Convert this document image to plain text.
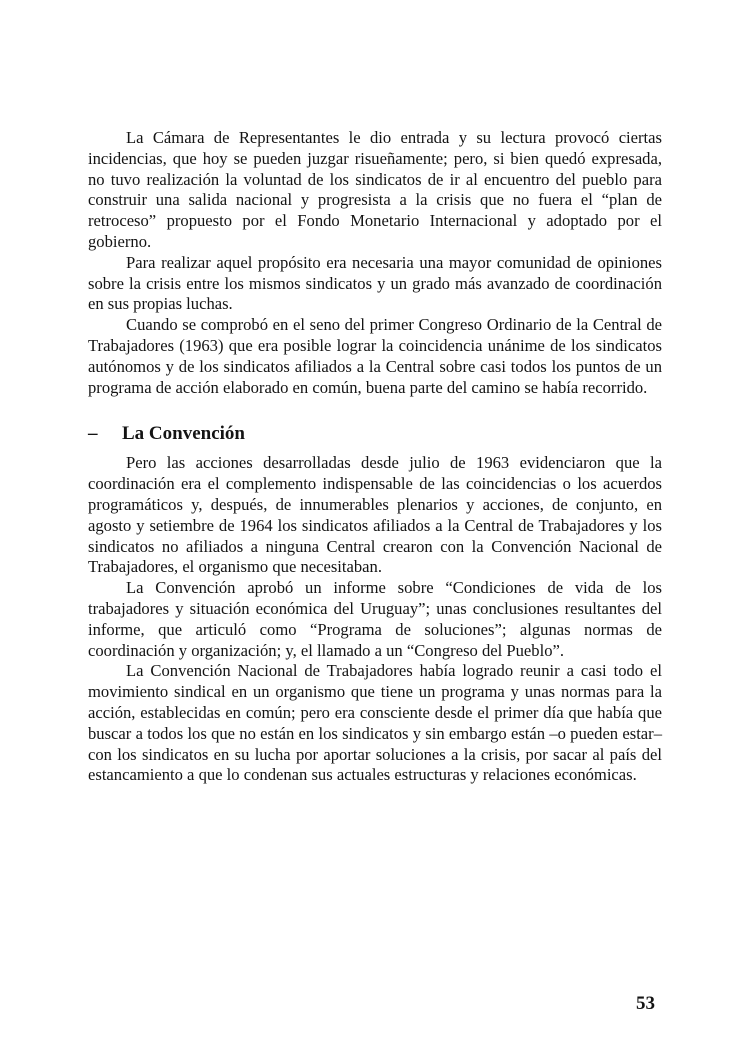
La Cámara de Representantes le dio entrada y su lectura provocó ciertas incidencias, que hoy se pueden juzgar risueñamente; pero, si bien quedó expresada, no tuvo realización la voluntad de los sindicatos de ir al encuentro del pueblo para construir una salida nacional y progresista a la crisis que no fuera el “plan de retroceso” propuesto por el Fondo Monetario Internacional y adoptado por el gobierno.

Para realizar aquel propósito era necesaria una mayor comunidad de opiniones sobre la crisis entre los mismos sindicatos y un grado más avanzado de coordinación en sus propias luchas.

Cuando se comprobó en el seno del primer Congreso Ordinario de la Central de Trabajadores (1963) que era posible lograr la coincidencia unánime de los sindicatos autónomos y de los sindicatos afiliados a la Central sobre casi todos los puntos de un programa de acción elaborado en común, buena parte del camino se había recorrido.

–	La Convención

Pero las acciones desarrolladas desde julio de 1963 evidenciaron que la coordinación era el complemento indispensable de las coincidencias o los acuerdos programáticos y, después, de innumerables plenarios y acciones, de conjunto, en agosto y setiembre de 1964 los sindicatos afiliados a la Central de Trabajadores y los sindicatos no afiliados a ninguna Central crearon con la Convención Nacional de Trabajadores, el organismo que necesitaban.

La Convención aprobó un informe sobre “Condiciones de vida de los trabajadores y situación económica del Uruguay”; unas conclusiones resultantes del informe, que articuló como “Programa de soluciones”; algunas normas de coordinación y organización; y, el llamado a un “Congreso del Pueblo”.

La Convención Nacional de Trabajadores había logrado reunir a casi todo el movimiento sindical en un organismo que tiene un programa y unas normas para la acción, establecidas en común; pero era consciente desde el primer día que había que buscar a todos los que no están en los sindicatos y sin embargo están –o pueden estar– con los sindicatos en su lucha por aportar soluciones a la crisis, por sacar al país del estancamiento a que lo condenan sus actuales estructuras y relaciones económicas.

53
